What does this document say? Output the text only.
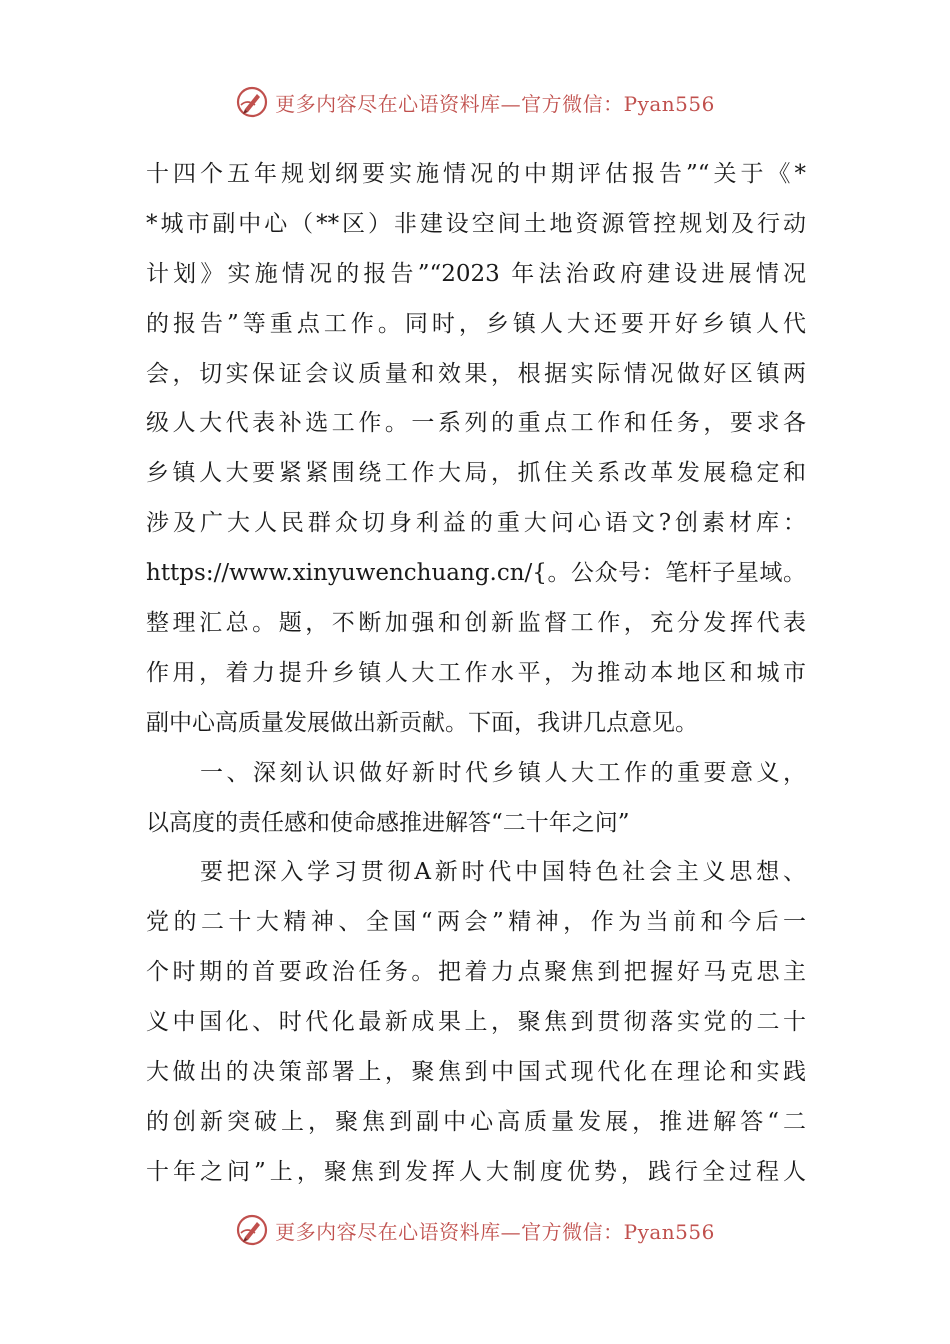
更多内容尽在心语资料库—官方微信：Pyan556
十四个五年规划纲要实施情况的中期评估报告”“关于《*
*城市副中心（**区）非建设空间土地资源管控规划及行动
计划》实施情况的报告”“2023 年法治政府建设进展情况
的报告”等重点工作。同时，乡镇人大还要开好乡镇人代
会，切实保证会议质量和效果，根据实际情况做好区镇两
级人大代表补选工作。一系列的重点工作和任务，要求各
乡镇人大要紧紧围绕工作大局，抓住关系改革发展稳定和
涉及广大人民群众切身利益的重大问心语文?创素材库：
https://www.xinyuwenchuang.cn/{。公众号：笔杆子星域。
整理汇总。题，不断加强和创新监督工作，充分发挥代表
作用，着力提升乡镇人大工作水平，为推动本地区和城市
副中心高质量发展做出新贡献。下面，我讲几点意见。
一、深刻认识做好新时代乡镇人大工作的重要意义，
以高度的责任感和使命感推进解答“二十年之问”
要把深入学习贯彻A新时代中国特色社会主义思想、
党的二十大精神、全国“两会”精神，作为当前和今后一
个时期的首要政治任务。把着力点聚焦到把握好马克思主
义中国化、时代化最新成果上，聚焦到贯彻落实党的二十
大做出的决策部署上，聚焦到中国式现代化在理论和实践
的创新突破上，聚焦到副中心高质量发展，推进解答“二
十年之问”上，聚焦到发挥人大制度优势，践行全过程人
更多内容尽在心语资料库—官方微信：Pyan556
